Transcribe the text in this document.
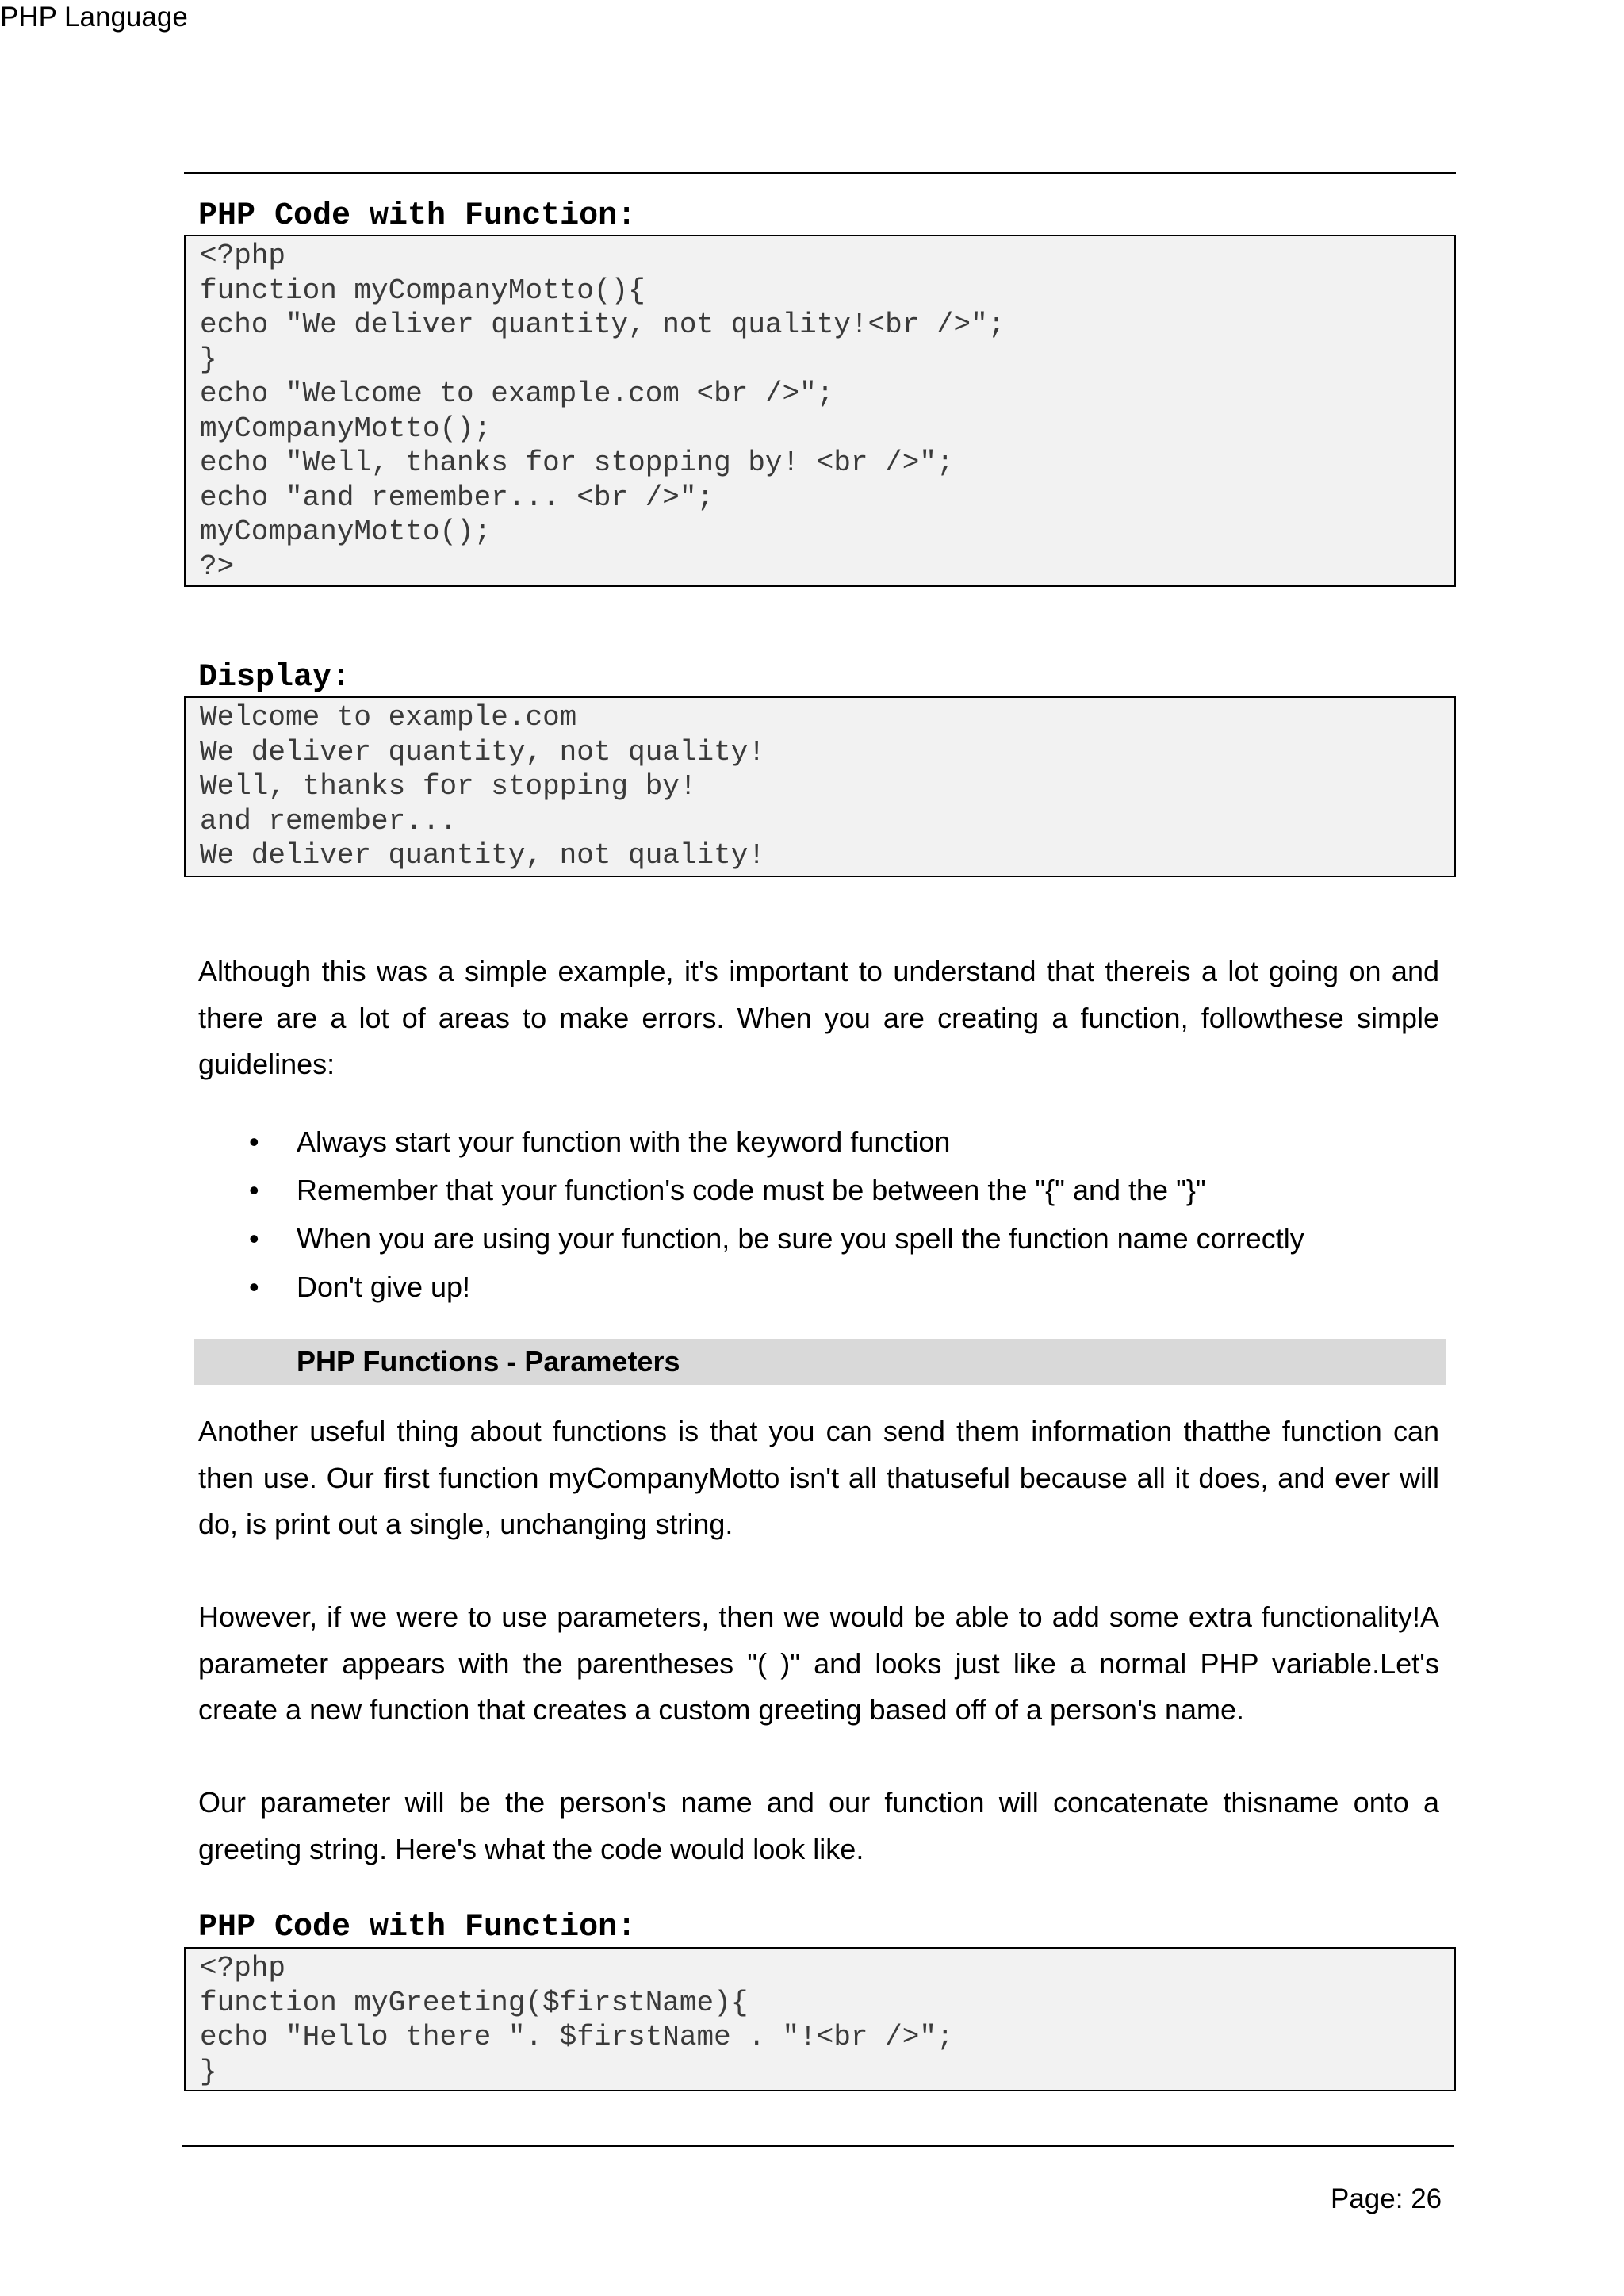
PHP Language
PHP Code with Function:
<?php
function myCompanyMotto(){
echo "We deliver quantity, not quality!<br />";
}
echo "Welcome to example.com <br />";
myCompanyMotto();
echo "Well, thanks for stopping by! <br />";
echo "and remember... <br />";
myCompanyMotto();
?>
Display:
Welcome to example.com
We deliver quantity, not quality!
Well, thanks for stopping by!
and remember...
We deliver quantity, not quality!

Although this was a simple example, it's important to understand that thereis a lot going on and there are a lot of areas to make errors. When you are creating a function, followthese simple guidelines:

• Always start your function with the keyword function
• Remember that your function's code must be between the "{" and the "}"
• When you are using your function, be sure you spell the function name correctly
• Don't give up!
PHP Functions - Parameters

Another useful thing about functions is that you can send them information thatthe function can then use. Our first function myCompanyMotto isn't all thatuseful because all it does, and ever will do, is print out a single, unchanging string.

However, if we were to use parameters, then we would be able to add some extra functionality!A parameter appears with the parentheses "( )" and looks just like a normal PHP variable.Let's create a new function that creates a custom greeting based off of a person's name.

Our parameter will be the person's name and our function will concatenate thisname onto a greeting string. Here's what the code would look like.

PHP Code with Function:
<?php
function myGreeting($firstName){
echo "Hello there ". $firstName . "!<br />";
}
Page: 26
